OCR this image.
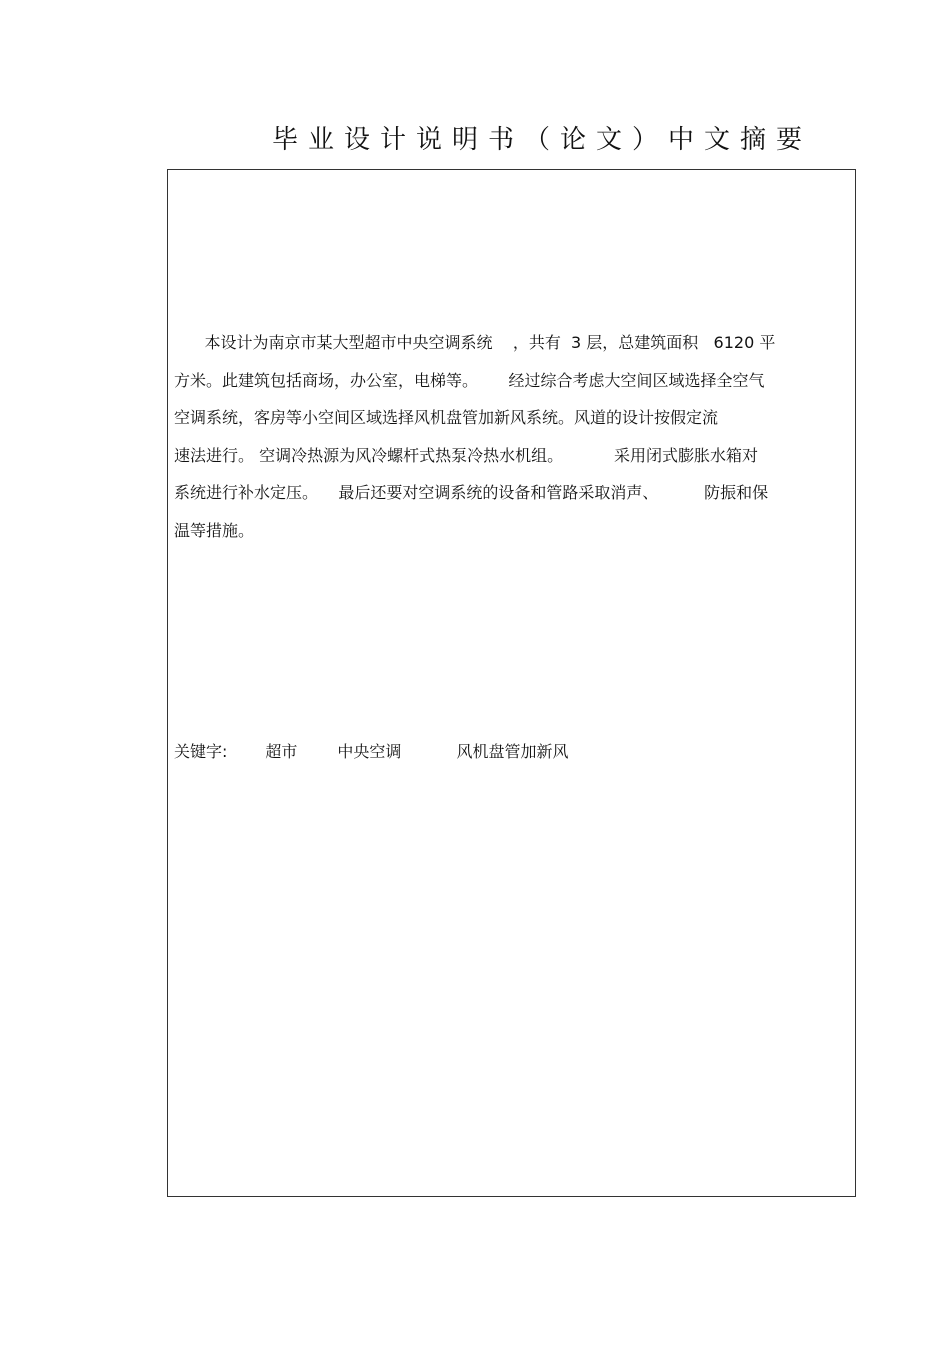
毕业设计说明书（论文）中文摘要
本设计为南京市某大型超市中央空调系统    ，共有  3 层，总建筑面积   6120 平
方米。此建筑包括商场，办公室，电梯等。      经过综合考虑大空间区域选择全空气
空调系统，客房等小空间区域选择风机盘管加新风系统。风道的设计按假定流
速法进行。 空调冷热源为风冷螺杆式热泵冷热水机组。          采用闭式膨胀水箱对
系统进行补水定压。    最后还要对空调系统的设备和管路采取消声、         防振和保
温等措施。
关键字: 超市	中央空调	风机盘管加新风
